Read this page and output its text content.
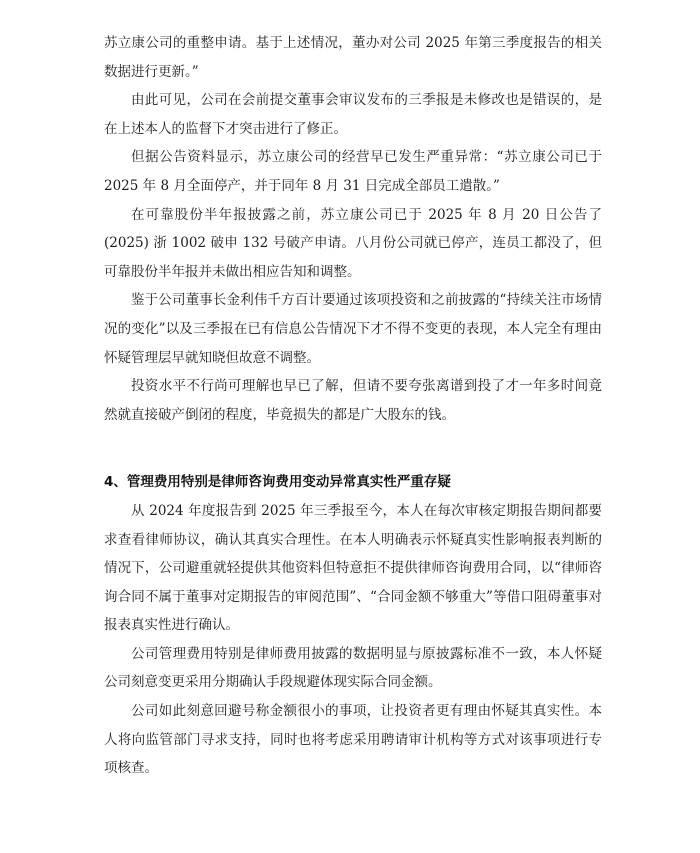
苏立康公司的重整申请。基于上述情况，董办对公司 2025 年第三季度报告的相关数据进行更新。”

由此可见，公司在会前提交董事会审议发布的三季报是未修改也是错误的，是在上述本人的监督下才突击进行了修正。

但据公告资料显示，苏立康公司的经营早已发生严重异常：“苏立康公司已于 2025 年 8 月全面停产，并于同年 8 月 31 日完成全部员工遣散。”

在可靠股份半年报披露之前，苏立康公司已于 2025 年 8 月 20 日公告了 (2025) 浙 1002 破申 132 号破产申请。八月份公司就已停产，连员工都没了，但可靠股份半年报并未做出相应告知和调整。

鉴于公司董事长金利伟千方百计要通过该项投资和之前披露的“持续关注市场情况的变化”以及三季报在已有信息公告情况下才不得不变更的表现，本人完全有理由怀疑管理层早就知晓但故意不调整。

投资水平不行尚可理解也早已了解，但请不要夸张离谱到投了才一年多时间竟然就直接破产倒闭的程度，毕竟损失的都是广大股东的钱。

4、管理费用特别是律师咨询费用变动异常真实性严重存疑

从 2024 年度报告到 2025 年三季报至今，本人在每次审核定期报告期间都要求查看律师协议，确认其真实合理性。在本人明确表示怀疑真实性影响报表判断的情况下，公司避重就轻提供其他资料但特意拒不提供律师咨询费用合同，以“律师咨询合同不属于董事对定期报告的审阅范围”、“合同金额不够重大”等借口阻碍董事对报表真实性进行确认。

公司管理费用特别是律师费用披露的数据明显与原披露标准不一致，本人怀疑公司刻意变更采用分期确认手段规避体现实际合同金额。

公司如此刻意回避号称金额很小的事项，让投资者更有理由怀疑其真实性。本人将向监管部门寻求支持，同时也将考虑采用聘请审计机构等方式对该事项进行专项核查。
